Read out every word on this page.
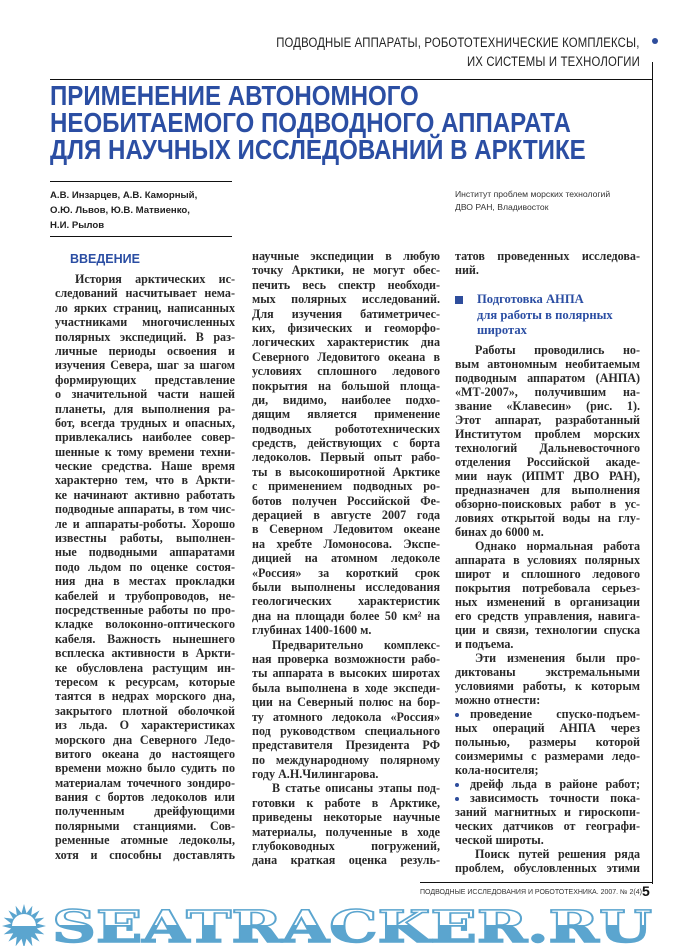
ПОДВОДНЫЕ АППАРАТЫ, РОБОТОТЕХНИЧЕСКИЕ КОМПЛЕКСЫ,
ИХ СИСТЕМЫ И ТЕХНОЛОГИИ
ПРИМЕНЕНИЕ АВТОНОМНОГО
НЕОБИТАЕМОГО ПОДВОДНОГО АППАРАТА
ДЛЯ НАУЧНЫХ ИССЛЕДОВАНИЙ В АРКТИКЕ
А.В. Инзарцев, А.В. Каморный,
О.Ю. Львов, Ю.В. Матвиенко,
Н.И. Рылов
Институт проблем морских технологий
ДВО РАН, Владивосток
ВВЕДЕНИЕ
История арктических ис-
следований насчитывает нема-
ло ярких страниц, написанных
участниками многочисленных
полярных экспедиций. В раз-
личные периоды освоения и
изучения Севера, шаг за шагом
формирующих представление
о значительной части нашей
планеты, для выполнения ра-
бот, всегда трудных и опасных,
привлекались наиболее совер-
шенные к тому времени техни-
ческие средства. Наше время
характерно тем, что в Аркти-
ке начинают активно работать
подводные аппараты, в том чис-
ле и аппараты-роботы. Хорошо
известны работы, выполнен-
ные подводными аппаратами
подо льдом по оценке состоя-
ния дна в местах прокладки
кабелей и трубопроводов, не-
посредственные работы по про-
кладке волоконно-оптического
кабеля. Важность нынешнего
всплеска активности в Аркти-
ке обусловлена растущим ин-
тересом к ресурсам, которые
таятся в недрах морского дна,
закрытого плотной оболочкой
из льда. О характеристиках
морского дна Северного Ледо-
витого океана до настоящего
времени можно было судить по
материалам точечного зондиро-
вания с бортов ледоколов или
полученным дрейфующими
полярными станциями. Сов-
ременные атомные ледоколы,
хотя и способны доставлять
научные экспедиции в любую
точку Арктики, не могут обес-
печить весь спектр необходи-
мых полярных исследований.
Для изучения батиметричес-
ких, физических и геоморфо-
логических характеристик дна
Северного Ледовитого океана в
условиях сплошного ледового
покрытия на большой площа-
ди, видимо, наиболее подхо-
дящим является применение
подводных робототехнических
средств, действующих с борта
ледоколов. Первый опыт рабо-
ты в высокоширотной Арктике
с применением подводных ро-
ботов получен Российской Фе-
дерацией в августе 2007 года
в Северном Ледовитом океане
на хребте Ломоносова. Экспе-
дицией на атомном ледоколе
«Россия» за короткий срок
были выполнены исследования
геологических характеристик
дна на площади более 50 км² на
глубинах 1400-1600 м.
Предварительно комплекс-
ная проверка возможности рабо-
ты аппарата в высоких широтах
была выполнена в ходе экспеди-
ции на Северный полюс на бор-
ту атомного ледокола «Россия»
под руководством специального
представителя Президента РФ
по международному полярному
году А.Н.Чилингарова.
В статье описаны этапы под-
готовки к работе в Арктике,
приведены некоторые научные
материалы, полученные в ходе
глубоководных погружений,
дана краткая оценка резуль-
татов проведенных исследова-
ний.
Подготовка АНПА
для работы в полярных
широтах
Работы проводились но-
вым автономным необитаемым
подводным аппаратом (АНПА)
«МТ-2007», получившим на-
звание «Клавесин» (рис. 1).
Этот аппарат, разработанный
Институтом проблем морских
технологий Дальневосточного
отделения Российской акаде-
мии наук (ИПМТ ДВО РАН),
предназначен для выполнения
обзорно-поисковых работ в ус-
ловиях открытой воды на глу-
бинах до 6000 м.
Однако нормальная работа
аппарата в условиях полярных
широт и сплошного ледового
покрытия потребовала серьез-
ных изменений в организации
его средств управления, навига-
ции и связи, технологии спуска
и подъема.
Эти изменения были про-
диктованы экстремальными
условиями работы, к которым
можно отнести:
проведение спуско-подъем-
ных операций АНПА через
полынью, размеры которой
соизмеримы с размерами ледо-
кола-носителя;
дрейф льда в районе работ;
зависимость точности пока-
заний магнитных и гироскопи-
ческих датчиков от географи-
ческой широты.
Поиск путей решения ряда
проблем, обусловленных этими
ПОДВОДНЫЕ ИССЛЕДОВАНИЯ И РОБОТОТЕХНИКА. 2007. № 2(4) 5
SEATRACKER.RU
